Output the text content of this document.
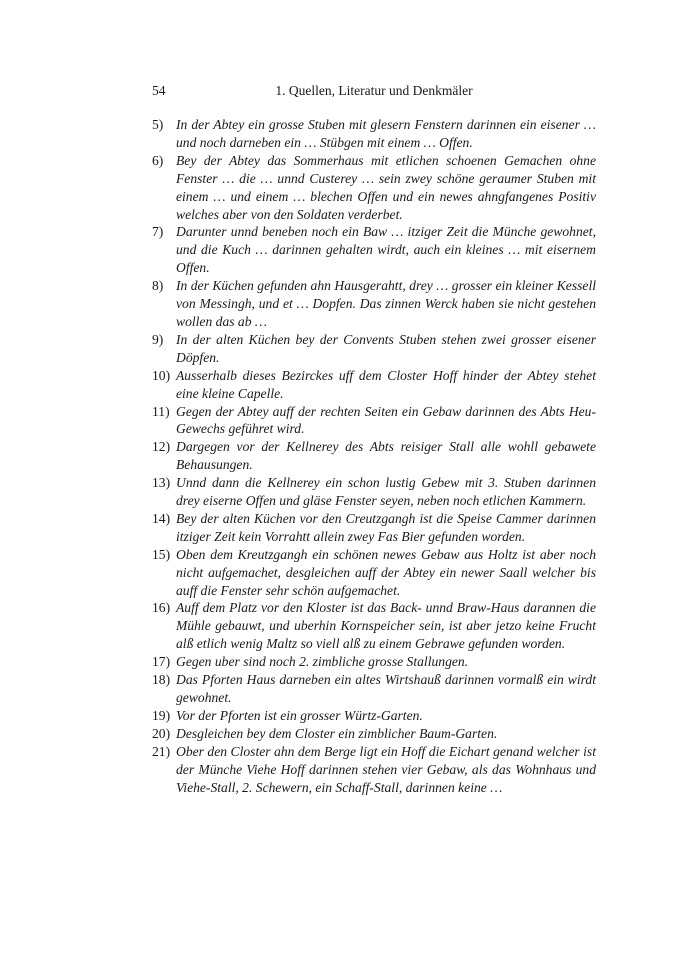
54	1. Quellen, Literatur und Denkmäler
5) In der Abtey ein grosse Stuben mit glesern Fenstern darinnen ein eisener … und noch darneben ein … Stübgen mit einem … Offen.
6) Bey der Abtey das Sommerhaus mit etlichen schoenen Gemachen ohne Fenster … die … unnd Custerey … sein zwey schöne geraumer Stuben mit einem … und einem … blechen Offen und ein newes ahngfangenes Positiv welches aber von den Soldaten verderbet.
7) Darunter unnd beneben noch ein Baw … itziger Zeit die Münche gewohnet, und die Kuch … darinnen gehalten wirdt, auch ein kleines … mit eisernem Offen.
8) In der Küchen gefunden ahn Hausgerahtt, drey … grosser ein kleiner Kessell von Messingh, und et … Dopfen. Das zinnen Werck haben sie nicht gestehen wollen das ab …
9) In der alten Küchen bey der Convents Stuben stehen zwei grosser eisener Döpfen.
10) Ausserhalb dieses Bezirckes uff dem Closter Hoff hinder der Abtey stehet eine kleine Capelle.
11) Gegen der Abtey auff der rechten Seiten ein Gebaw darinnen des Abts Heu-Gewechs geführet wird.
12) Dargegen vor der Kellnerey des Abts reisiger Stall alle wohll gebawete Behausungen.
13) Unnd dann die Kellnerey ein schon lustig Gebew mit 3. Stuben darinnen drey eiserne Offen und gläse Fenster seyen, neben noch etlichen Kammern.
14) Bey der alten Küchen vor den Creutzgangh ist die Speise Cammer darinnen itziger Zeit kein Vorrahtt allein zwey Fas Bier gefunden worden.
15) Oben dem Kreutzgangh ein schönen newes Gebaw aus Holtz ist aber noch nicht aufgemachet, desgleichen auff der Abtey ein newer Saall welcher bis auff die Fenster sehr schön aufgemachet.
16) Auff dem Platz vor den Kloster ist das Back- unnd Braw-Haus darannen die Mühle gebauwt, und uberhin Kornspeicher sein, ist aber jetzo keine Frucht alß etlich wenig Maltz so viell alß zu einem Gebrawe gefunden worden.
17) Gegen uber sind noch 2. zimbliche grosse Stallungen.
18) Das Pforten Haus darneben ein altes Wirtshauß darinnen vormalß ein wirdt gewohnet.
19) Vor der Pforten ist ein grosser Würtz-Garten.
20) Desgleichen bey dem Closter ein zimblicher Baum-Garten.
21) Ober den Closter ahn dem Berge ligt ein Hoff die Eichart genand welcher ist der Münche Viehe Hoff darinnen stehen vier Gebaw, als das Wohnhaus und Viehe-Stall, 2. Schewern, ein Schaff-Stall, darinnen keine …
